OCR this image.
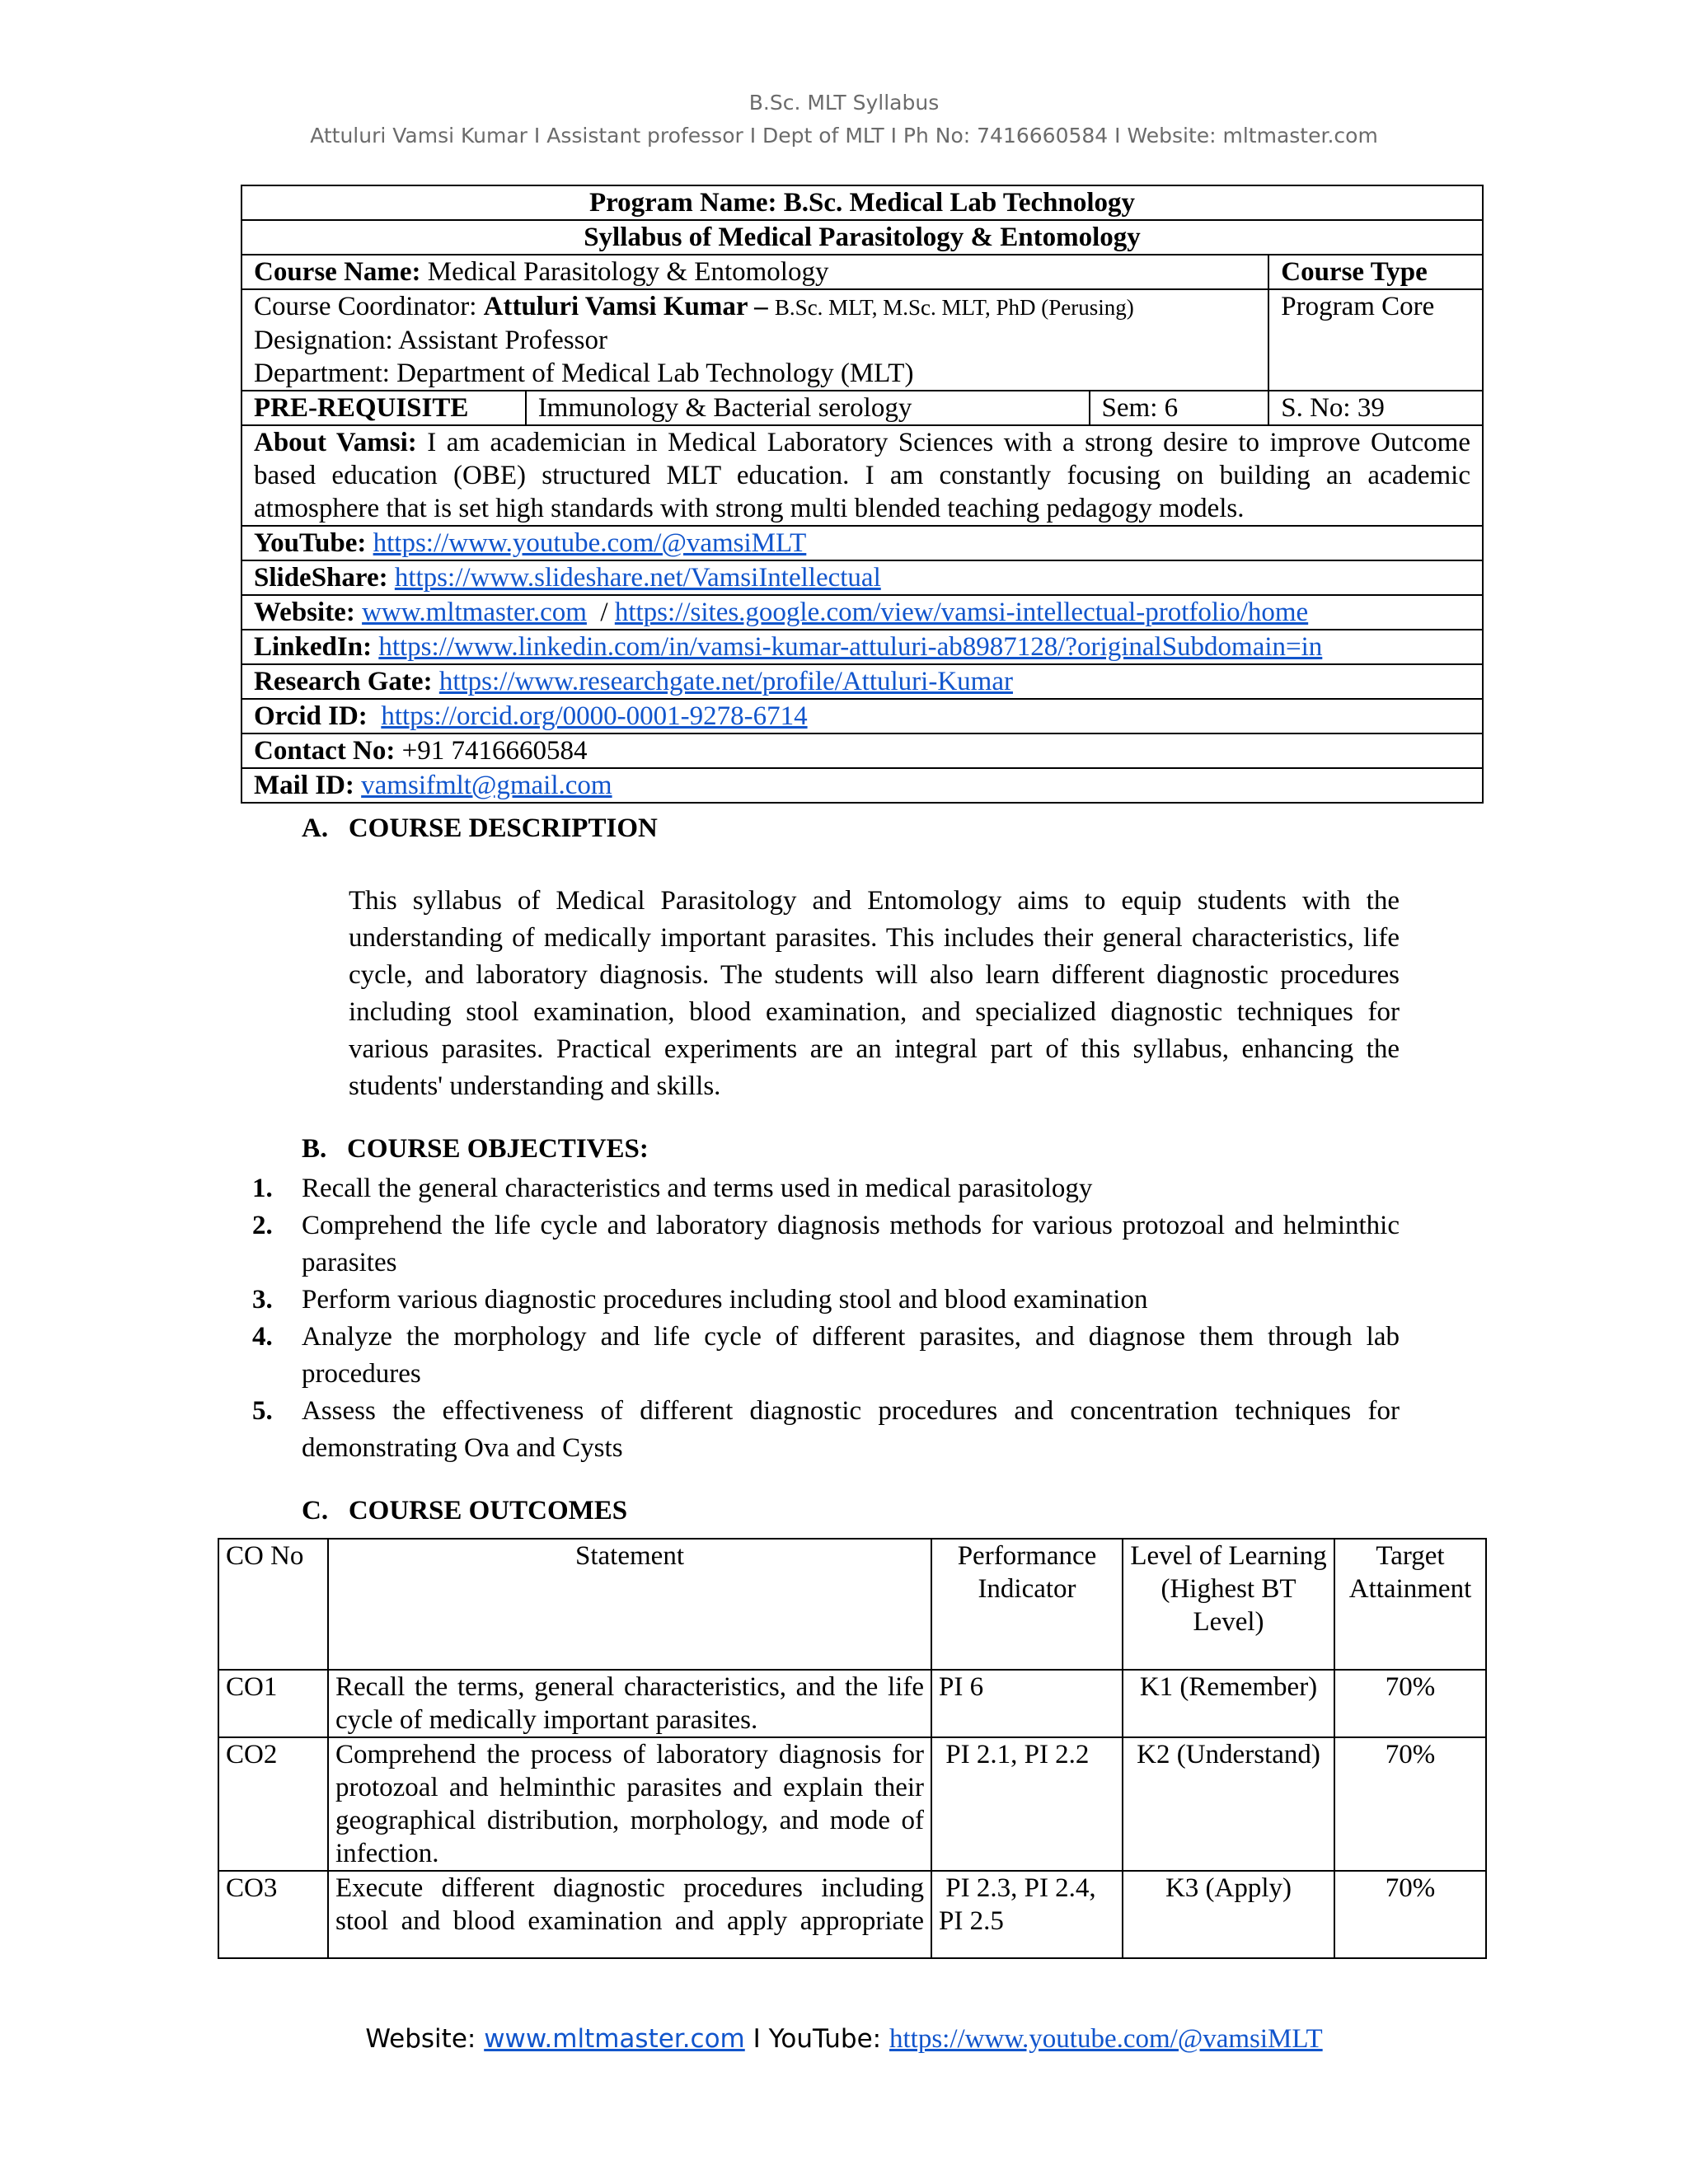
B.Sc. MLT Syllabus
Attuluri Vamsi Kumar I Assistant professor I Dept of MLT I Ph No: 7416660584 I Website: mltmaster.com
Program Name: B.Sc. Medical Lab Technology			
Syllabus of Medical Parasitology & Entomology			
Course Name: Medical Parasitology & Entomology			Course Type

Course Coordinator: Attuluri Vamsi Kumar – B.Sc. MLT, M.Sc. MLT, PhD (Perusing)
Designation: Assistant Professor
Department: Department of Medical Lab Technology (MLT)			Program Core
PRE-REQUISITE	Immunology & Bacterial serology	Sem: 6	S. No: 39
About Vamsi: I am academician in Medical Laboratory Sciences with a strong desire to improve Outcome based education (OBE) structured MLT education. I am constantly focusing on building an academic atmosphere that is set high standards with strong multi blended teaching pedagogy models.			
YouTube: https://www.youtube.com/@vamsiMLT			
SlideShare: https://www.slideshare.net/VamsiIntellectual			
Website: www.mltmaster.com  / https://sites.google.com/view/vamsi-intellectual-protfolio/home			
LinkedIn: https://www.linkedin.com/in/vamsi-kumar-attuluri-ab8987128/?originalSubdomain=in			
Research Gate: https://www.researchgate.net/profile/Attuluri-Kumar			
Orcid ID:  https://orcid.org/0000-0001-9278-6714			
Contact No: +91 7416660584			
Mail ID: vamsifmlt@gmail.com			
A.   COURSE DESCRIPTION

This syllabus of Medical Parasitology and Entomology aims to equip students with the understanding of medically important parasites. This includes their general characteristics, life cycle, and laboratory diagnosis. The students will also learn different diagnostic procedures including stool examination, blood examination, and specialized diagnostic techniques for various parasites. Practical experiments are an integral part of this syllabus, enhancing the students' understanding and skills.

B.   COURSE OBJECTIVES:
1.	Recall the general characteristics and terms used in medical parasitology
2.	Comprehend the life cycle and laboratory diagnosis methods for various protozoal and helminthic parasites
3.	Perform various diagnostic procedures including stool and blood examination
4.	Analyze the morphology and life cycle of different parasites, and diagnose them through lab procedures
5.	Assess the effectiveness of different diagnostic procedures and concentration techniques for demonstrating Ova and Cysts
C.   COURSE OUTCOMES
CO No	Statement	Performance Indicator	Level of Learning (Highest BT Level)	Target Attainment
CO1	Recall the terms, general characteristics, and the life cycle of medically important parasites.	PI 6	K1 (Remember)	70%
CO2	Comprehend the process of laboratory diagnosis for protozoal and helminthic parasites and explain their geographical distribution, morphology, and mode of infection.	PI 2.1, PI 2.2	K2 (Understand)	70%
CO3	Execute different diagnostic procedures including stool and blood examination and apply appropriate	PI 2.3, PI 2.4, PI 2.5	K3 (Apply)	70%
Website: www.mltmaster.com I YouTube: https://www.youtube.com/@vamsiMLT
